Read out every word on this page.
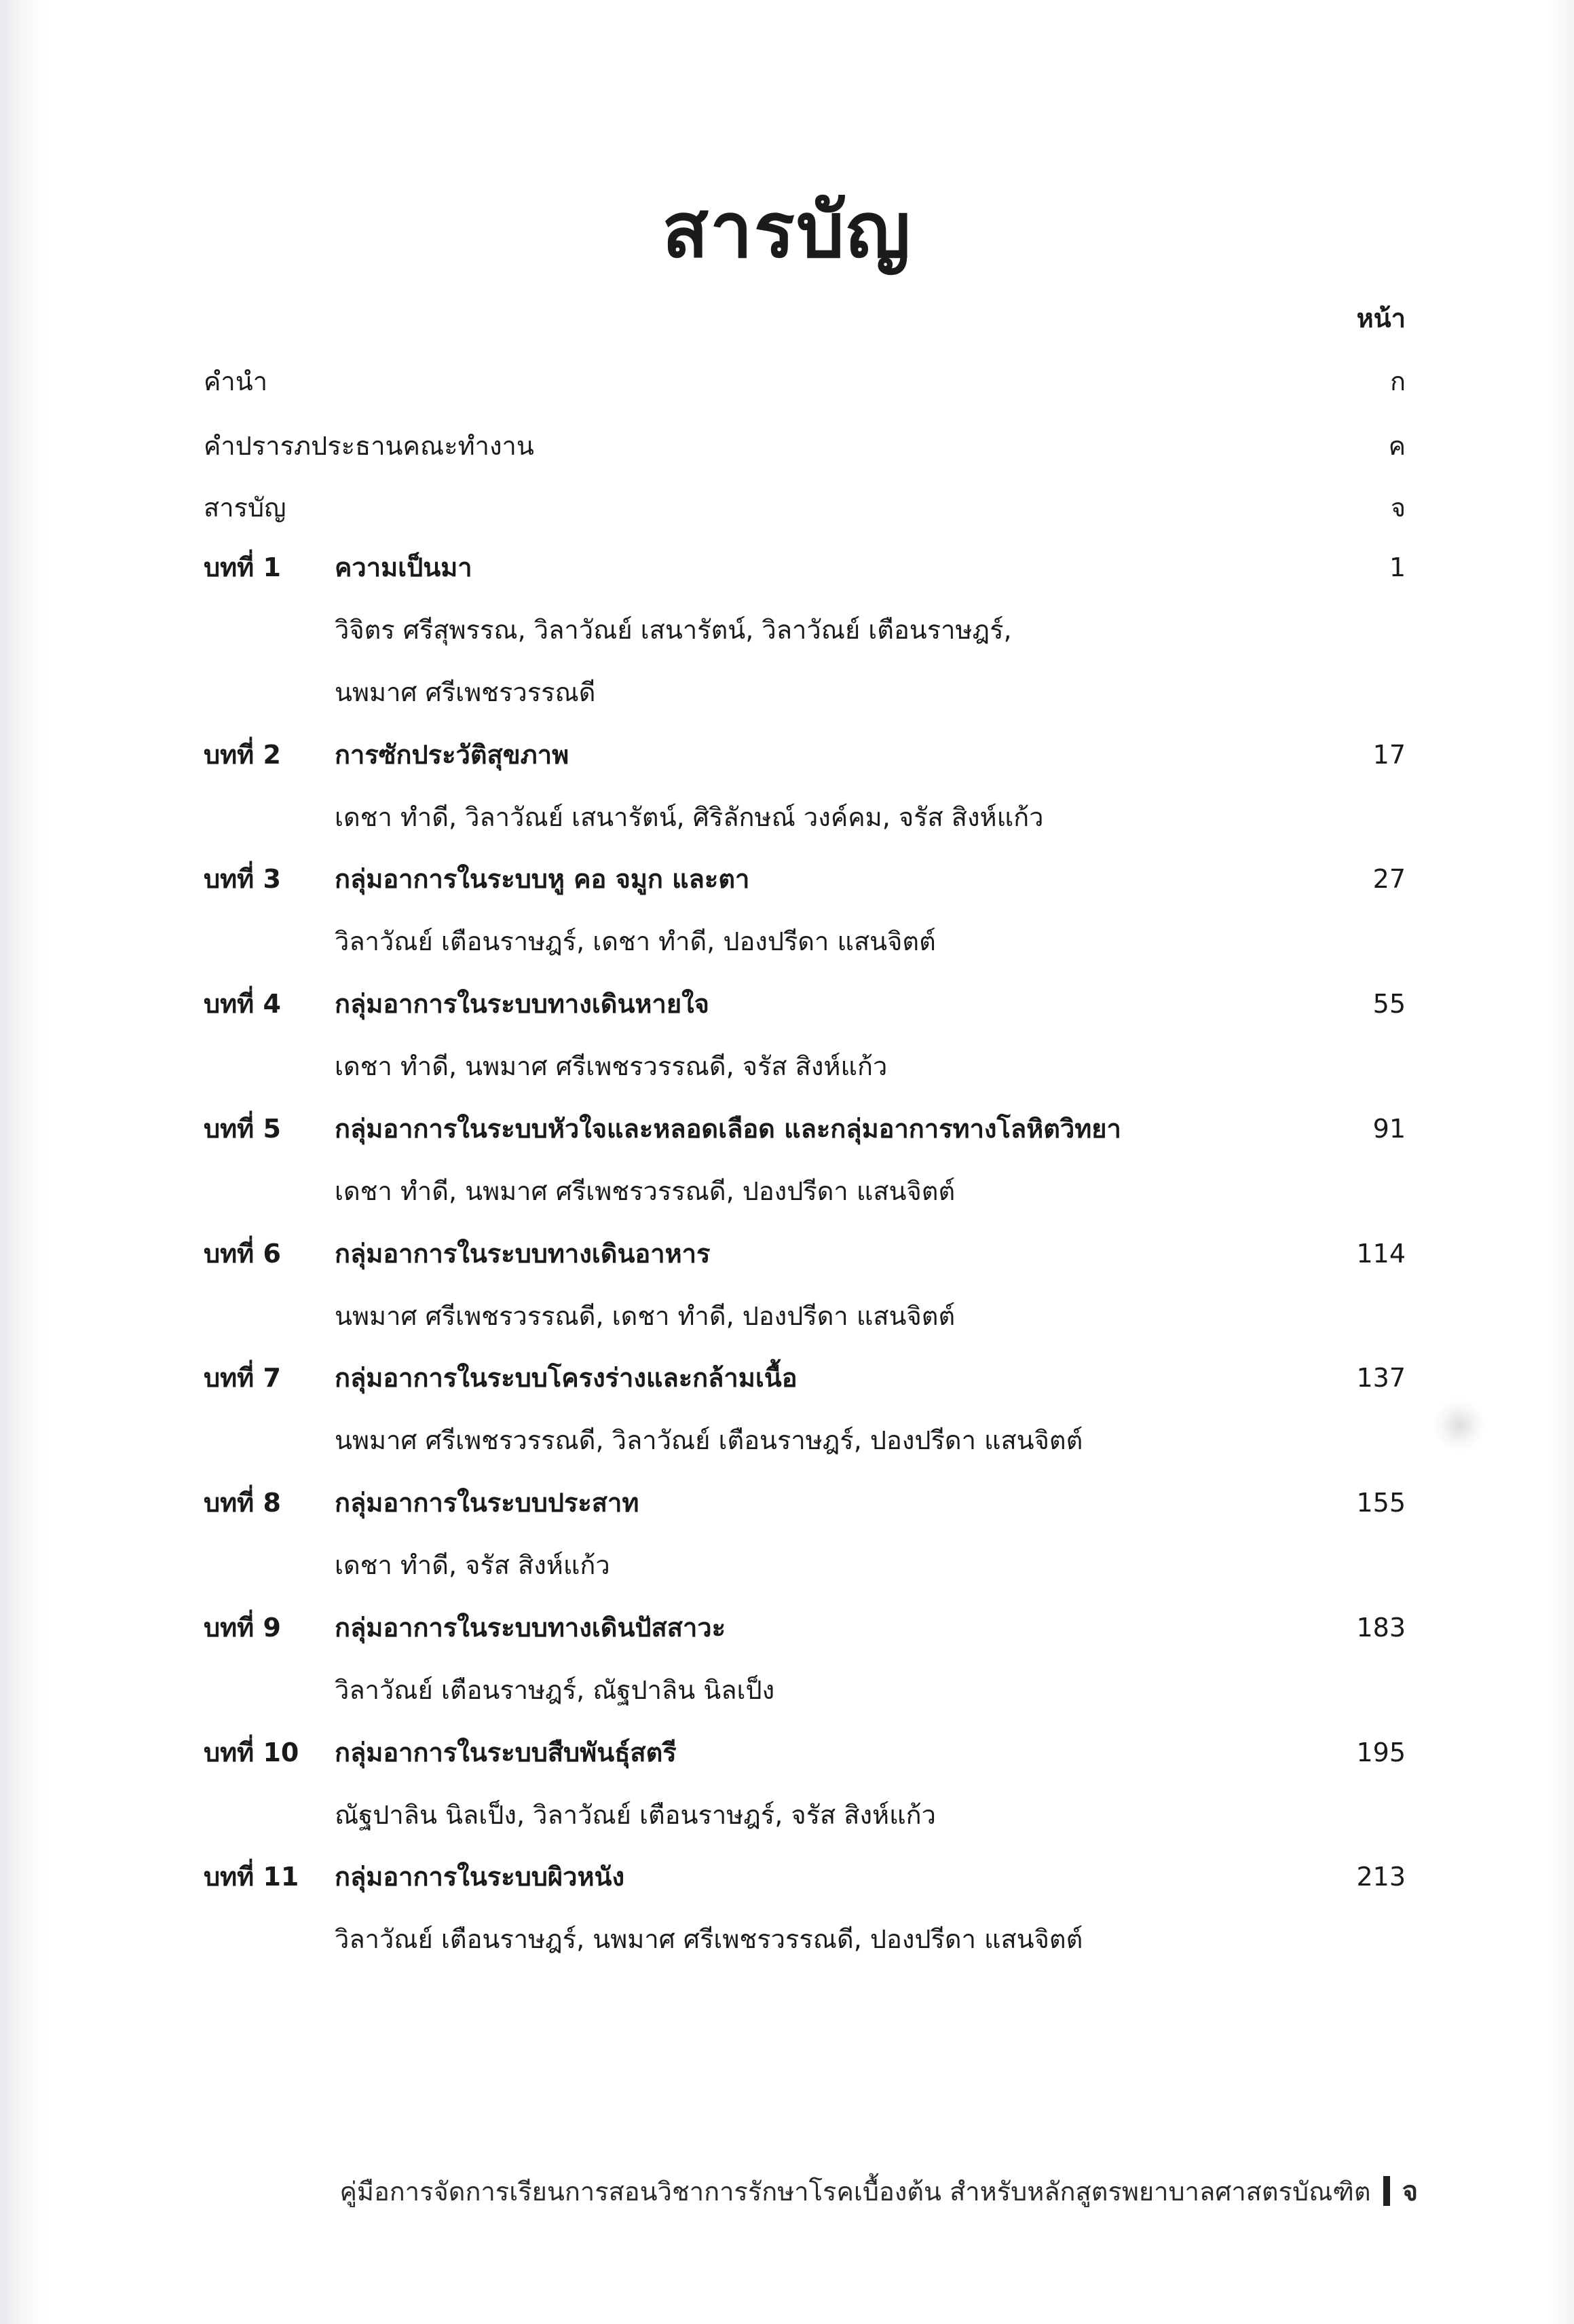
สารบัญ
หน้า
คำนำ	ก
คำปรารภประธานคณะทำงาน	ค
สารบัญ	จ
บทที่ 1 ความเป็นมา	1
วิจิตร ศรีสุพรรณ, วิลาวัณย์ เสนารัตน์, วิลาวัณย์ เตือนราษฎร์,
นพมาศ ศรีเพชรวรรณดี
บทที่ 2 การซักประวัติสุขภาพ	17
เดชา ทำดี, วิลาวัณย์ เสนารัตน์, ศิริลักษณ์ วงค์คม, จรัส สิงห์แก้ว
บทที่ 3 กลุ่มอาการในระบบหู คอ จมูก และตา	27
วิลาวัณย์ เตือนราษฎร์, เดชา ทำดี, ปองปรีดา แสนจิตต์
บทที่ 4 กลุ่มอาการในระบบทางเดินหายใจ	55
เดชา ทำดี, นพมาศ ศรีเพชรวรรณดี, จรัส สิงห์แก้ว
บทที่ 5 กลุ่มอาการในระบบหัวใจและหลอดเลือด และกลุ่มอาการทางโลหิตวิทยา	91
เดชา ทำดี, นพมาศ ศรีเพชรวรรณดี, ปองปรีดา แสนจิตต์
บทที่ 6 กลุ่มอาการในระบบทางเดินอาหาร	114
นพมาศ ศรีเพชรวรรณดี, เดชา ทำดี, ปองปรีดา แสนจิตต์
บทที่ 7 กลุ่มอาการในระบบโครงร่างและกล้ามเนื้อ	137
นพมาศ ศรีเพชรวรรณดี, วิลาวัณย์ เตือนราษฎร์, ปองปรีดา แสนจิตต์
บทที่ 8 กลุ่มอาการในระบบประสาท	155
เดชา ทำดี, จรัส สิงห์แก้ว
บทที่ 9 กลุ่มอาการในระบบทางเดินปัสสาวะ	183
วิลาวัณย์ เตือนราษฎร์, ณัฐปาลิน นิลเป็ง
บทที่ 10 กลุ่มอาการในระบบสืบพันธุ์สตรี	195
ณัฐปาลิน นิลเป็ง, วิลาวัณย์ เตือนราษฎร์, จรัส สิงห์แก้ว
บทที่ 11 กลุ่มอาการในระบบผิวหนัง	213
วิลาวัณย์ เตือนราษฎร์, นพมาศ ศรีเพชรวรรณดี, ปองปรีดา แสนจิตต์
คู่มือการจัดการเรียนการสอนวิชาการรักษาโรคเบื้องต้น สำหรับหลักสูตรพยาบาลศาสตรบัณฑิต จ
